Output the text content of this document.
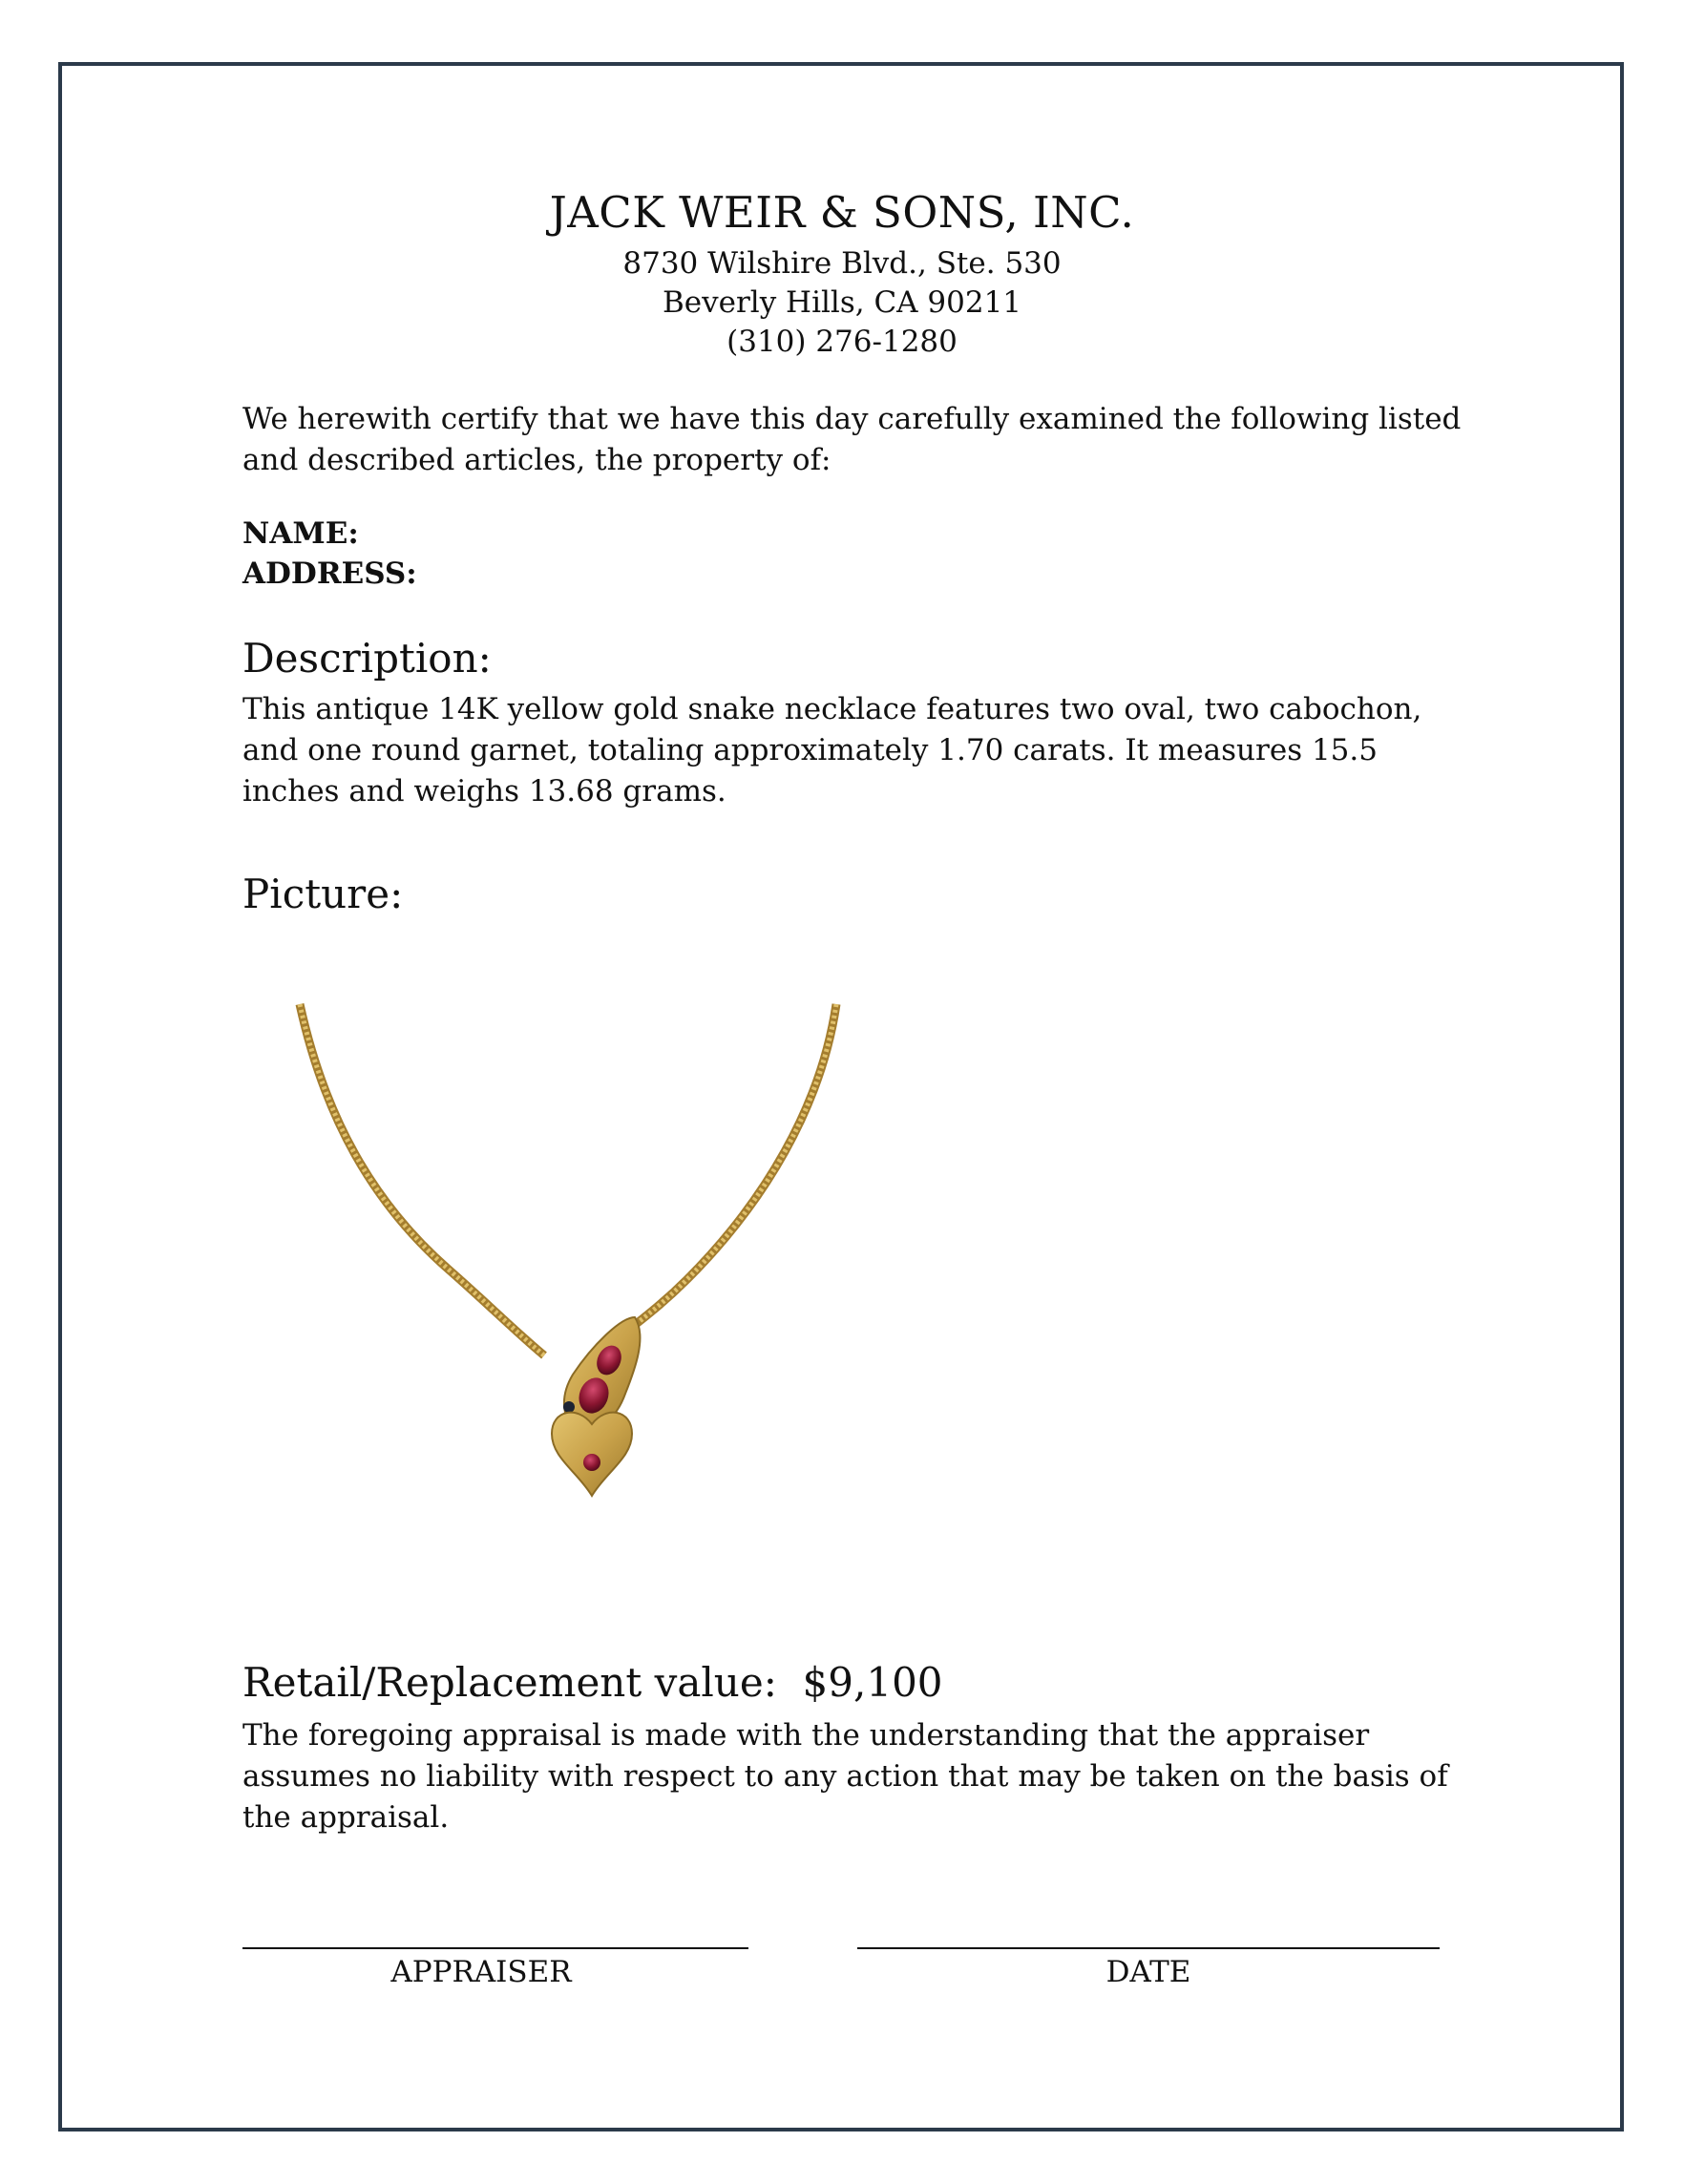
JACK WEIR & SONS, INC.
8730 Wilshire Blvd., Ste. 530
Beverly Hills, CA 90211
(310) 276-1280

We herewith certify that we have this day carefully examined the following listed and described articles, the property of:

NAME:
ADDRESS:
Description:

This antique 14K yellow gold snake necklace features two oval, two cabochon, and one round garnet, totaling approximately 1.70 carats. It measures 15.5 inches and weighs 13.68 grams.

Picture:
Retail/Replacement value: $9,100

The foregoing appraisal is made with the understanding that the appraiser assumes no liability with respect to any action that may be taken on the basis of the appraisal.

APPRAISER	DATE
